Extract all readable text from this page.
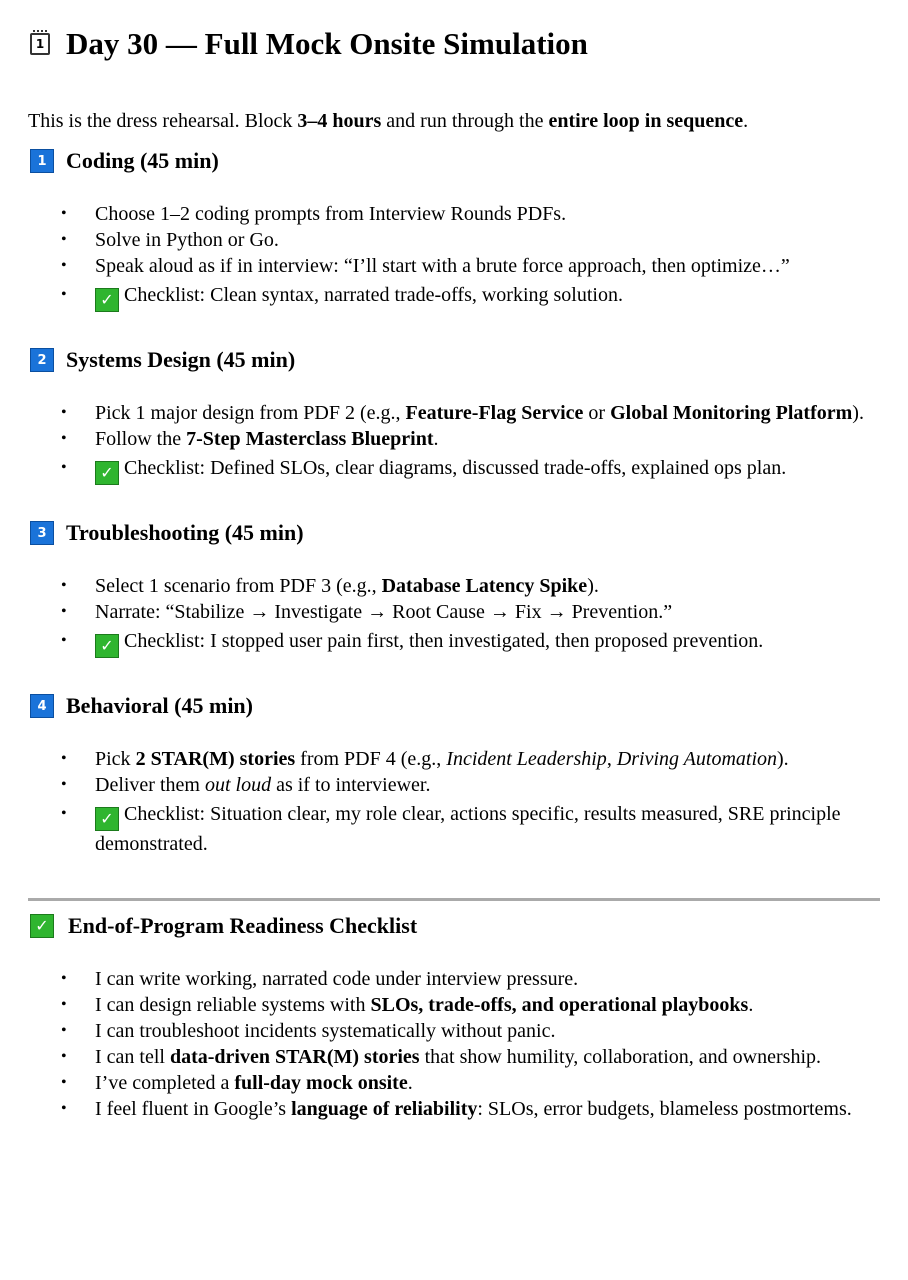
1 Day 30 — Full Mock Onsite Simulation

This is the dress rehearsal. Block 3–4 hours and run through the entire loop in sequence.

1 Coding (45 min)
• Choose 1–2 coding prompts from Interview Rounds PDFs.
• Solve in Python or Go.
• Speak aloud as if in interview: “I’ll start with a brute force approach, then optimize…”
• ✓ Checklist: Clean syntax, narrated trade-offs, working solution.
2 Systems Design (45 min)
• Pick 1 major design from PDF 2 (e.g., Feature-Flag Service or Global Monitoring Platform).
• Follow the 7-Step Masterclass Blueprint.
• ✓ Checklist: Defined SLOs, clear diagrams, discussed trade-offs, explained ops plan.
3 Troubleshooting (45 min)
• Select 1 scenario from PDF 3 (e.g., Database Latency Spike).
• Narrate: “Stabilize → Investigate → Root Cause → Fix → Prevention.”
• ✓ Checklist: I stopped user pain first, then investigated, then proposed prevention.
4 Behavioral (45 min)
• Pick 2 STAR(M) stories from PDF 4 (e.g., Incident Leadership, Driving Automation).
• Deliver them out loud as if to interviewer.
• ✓ Checklist: Situation clear, my role clear, actions specific, results measured, SRE principle demonstrated.
✓ End-of-Program Readiness Checklist
• I can write working, narrated code under interview pressure.
• I can design reliable systems with SLOs, trade-offs, and operational playbooks.
• I can troubleshoot incidents systematically without panic.
• I can tell data-driven STAR(M) stories that show humility, collaboration, and ownership.
• I’ve completed a full-day mock onsite.
• I feel fluent in Google’s language of reliability: SLOs, error budgets, blameless postmortems.
